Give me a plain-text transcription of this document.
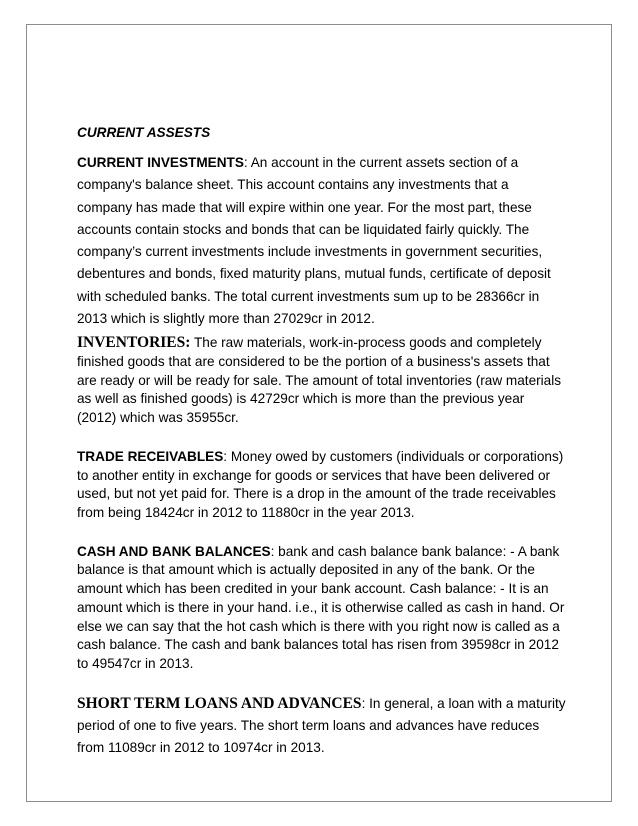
CURRENT ASSESTS

CURRENT INVESTMENTS: An account in the current assets section of a company's balance sheet. This account contains any investments that a company has made that will expire within one year. For the most part, these accounts contain stocks and bonds that can be liquidated fairly quickly. The company’s current investments include investments in government securities, debentures and bonds, fixed maturity plans, mutual funds, certificate of deposit with scheduled banks. The total current investments sum up to be 28366cr in 2013 which is slightly more than 27029cr in 2012.

INVENTORIES: The raw materials, work-in-process goods and completely finished goods that are considered to be the portion of a business's assets that are ready or will be ready for sale. The amount of total inventories (raw materials as well as finished goods) is 42729cr which is more than the previous year (2012) which was 35955cr.

TRADE RECEIVABLES: Money owed by customers (individuals or corporations) to another entity in exchange for goods or services that have been delivered or used, but not yet paid for. There is a drop in the amount of the trade receivables from being 18424cr in 2012 to 11880cr in the year 2013.

CASH AND BANK BALANCES: bank and cash balance bank balance: - A bank balance is that amount which is actually deposited in any of the bank. Or the amount which has been credited in your bank account. Cash balance: - It is an amount which is there in your hand. i.e., it is otherwise called as cash in hand. Or else we can say that the hot cash which is there with you right now is called as a cash balance. The cash and bank balances total has risen from 39598cr in 2012 to 49547cr in 2013.

SHORT TERM LOANS AND ADVANCES: In general, a loan with a maturity period of one to five years. The short term loans and advances have reduces from 11089cr in 2012 to 10974cr in 2013.
